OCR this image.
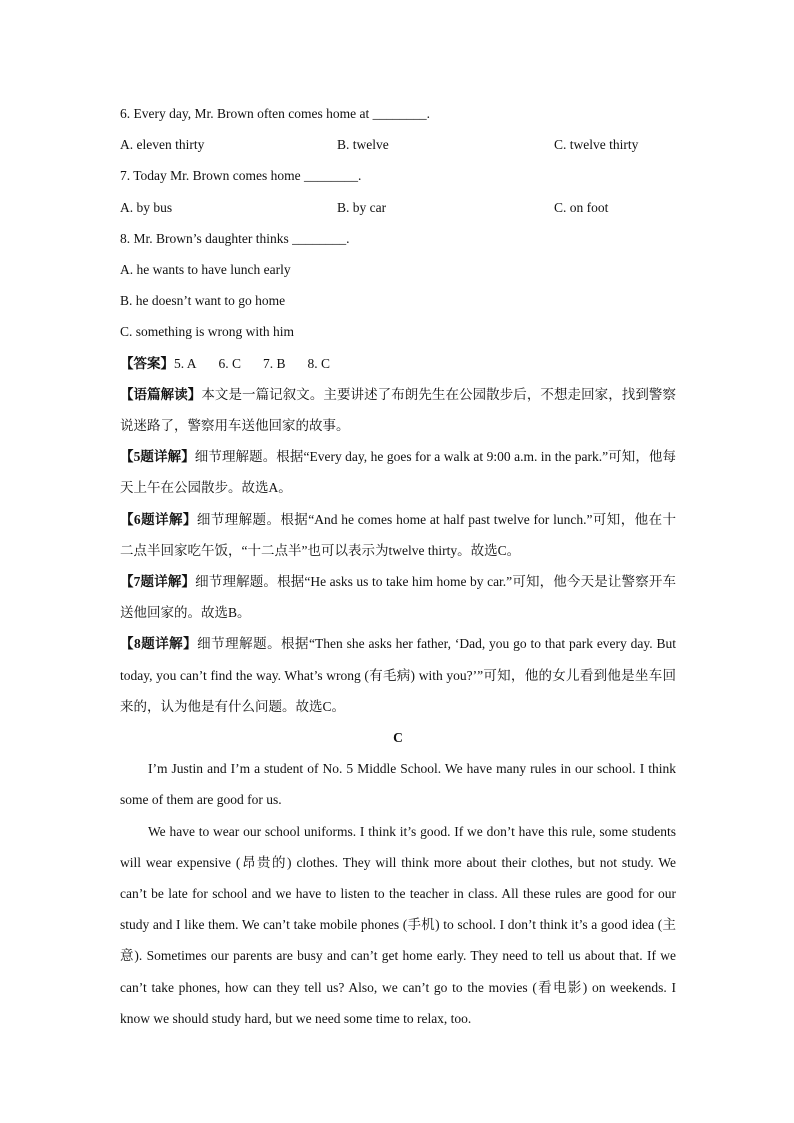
6. Every day, Mr. Brown often comes home at ________.
A. eleven thirty	B. twelve	C. twelve thirty
7. Today Mr. Brown comes home ________.
A. by bus	B. by car	C. on foot
8. Mr. Brown’s daughter thinks ________.
A. he wants to have lunch early
B. he doesn’t want to go home
C. something is wrong with him
【答案】5. A 6. C 7. B 8. C
【语篇解读】本文是一篇记叙文。主要讲述了布朗先生在公园散步后，不想走回家，找到警察说迷路了，警察用车送他回家的故事。
【5题详解】细节理解题。根据“Every day, he goes for a walk at 9:00 a.m. in the park.”可知，他每天上午在公园散步。故选A。
【6题详解】细节理解题。根据“And he comes home at half past twelve for lunch.”可知，他在十二点半回家吃午饭，“十二点半”也可以表示为twelve thirty。故选C。
【7题详解】细节理解题。根据“He asks us to take him home by car.”可知，他今天是让警察开车送他回家的。故选B。
【8题详解】细节理解题。根据“Then she asks her father, ‘Dad, you go to that park every day. But today, you can’t find the way. What’s wrong (有毛病) with you?’”可知，他的女儿看到他是坐车回来的，认为他是有什么问题。故选C。
C
I’m Justin and I’m a student of No. 5 Middle School. We have many rules in our school. I think some of them are good for us.
We have to wear our school uniforms. I think it’s good. If we don’t have this rule, some students will wear expensive (昂贵的) clothes. They will think more about their clothes, but not study. We can’t be late for school and we have to listen to the teacher in class. All these rules are good for our study and I like them. We can’t take mobile phones (手机) to school. I don’t think it’s a good idea (主意). Sometimes our parents are busy and can’t get home early. They need to tell us about that. If we can’t take phones, how can they tell us? Also, we can’t go to the movies (看电影) on weekends. I know we should study hard, but we need some time to relax, too.
